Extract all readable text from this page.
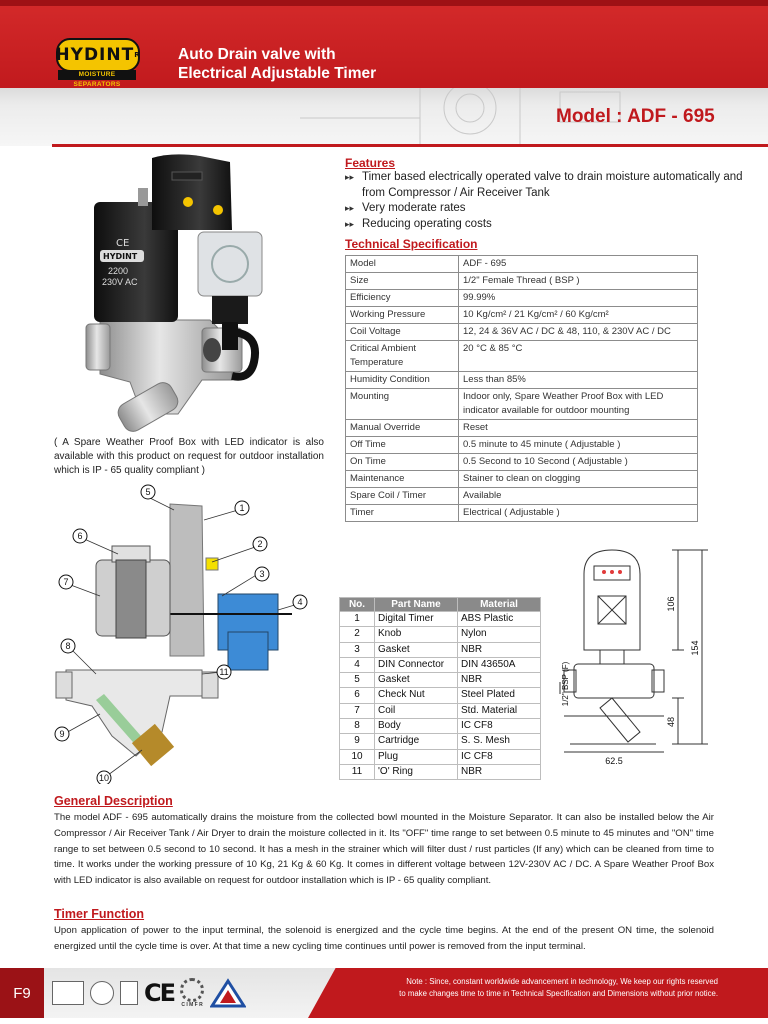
HYDINT R
MOISTURE SEPARATORS
Auto Drain valve with
Electrical Adjustable Timer
Model : ADF - 695
CE
HYDINT
2200
230V AC
( A Spare Weather Proof Box with LED indicator is also available with this product on request for outdoor installation which is IP - 65 quality compliant )
Features
▸▸ Timer based electrically operated valve to drain moisture automatically and from Compressor / Air Receiver Tank
▸▸ Very moderate rates
▸▸ Reducing operating costs
Technical Specification
Model	ADF - 695
Size	1/2" Female Thread ( BSP )
Efficiency	99.99%
Working Pressure	10 Kg/cm² / 21 Kg/cm² / 60 Kg/cm²
Coil Voltage	12, 24 & 36V AC / DC & 48, 110, & 230V AC / DC
Critical Ambient Temperature	20 °C & 85 °C
Humidity Condition	Less than 85%
Mounting	Indoor only, Spare Weather Proof Box with LED indicator available for outdoor mounting
Manual Override	Reset
Off Time	0.5 minute to 45 minute ( Adjustable )
On Time	0.5 Second to 10 Second ( Adjustable )
Maintenance	Stainer to clean on clogging
Spare Coil / Timer	Available
Timer	Electrical ( Adjustable )
1
2
3
4
5
6
7
8
9
10
11
No.	Part Name	Material
1	Digital Timer	ABS Plastic
2	Knob	Nylon
3	Gasket	NBR
4	DIN Connector	DIN 43650A
5	Gasket	NBR
6	Check Nut	Steel Plated
7	Coil	Std. Material
8	Body	IC CF8
9	Cartridge	S. S. Mesh
10	Plug	IC CF8
11	'O' Ring	NBR
106
154
48
62.5
1/2" BSP (F)
General Description

The model ADF - 695 automatically drains the moisture from the collected bowl mounted in the Moisture Separator. It can also be installed below the Air Compressor / Air Receiver Tank / Air Dryer to drain the moisture collected in it. Its "OFF" time range to set between 0.5 minute to 45 minutes and "ON" time range to set between 0.5 second to 10 second. It has a mesh in the strainer which will filter dust / rust particles (If any) which can be cleaned from time to time. It works under the working pressure of 10 Kg, 21 Kg & 60 Kg. It comes in different voltage between 12V-230V AC / DC. A Spare Weather Proof Box with LED indicator is also available on request for outdoor installation which is IP - 65 quality compliant.

Timer Function

Upon application of power to the input terminal, the solenoid is energized and the cycle time begins. At the end of the present ON time, the solenoid energized until the cycle time is over. At that time a new cycling time continues until power is removed from the input terminal.

F9	CE C I M F R
Note : Since, constant worldwide advancement in technology, We keep our rights reserved
to make changes time to time in Technical Specification and Dimensions without prior notice.
